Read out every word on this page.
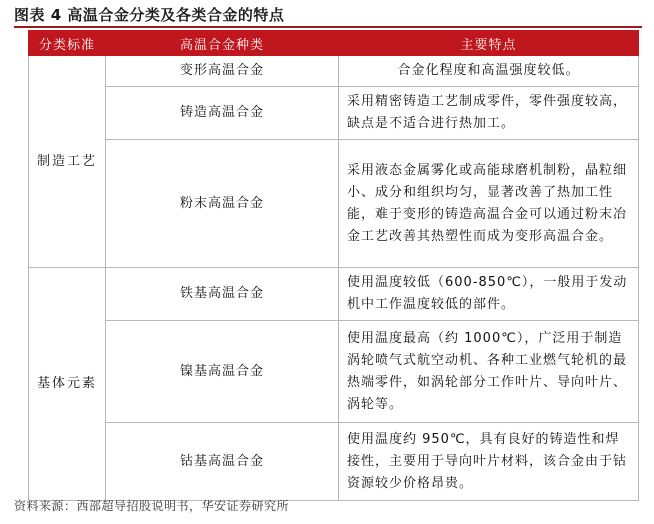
图表 4 高温合金分类及各类合金的特点
分类标准	高温合金种类	主要特点
制造工艺	变形高温合金	合金化程度和高温强度较低。
	铸造高温合金	采用精密铸造工艺制成零件，零件强度较高，缺点是不适合进行热加工。
	粉末高温合金	采用液态金属雾化或高能球磨机制粉，晶粒细小、成分和组织均匀，显著改善了热加工性能，难于变形的铸造高温合金可以通过粉末冶金工艺改善其热塑性而成为变形高温合金。
基体元素	铁基高温合金	使用温度较低（600-850℃），一般用于发动机中工作温度较低的部件。
	镍基高温合金	使用温度最高（约 1000℃），广泛用于制造涡轮喷气式航空动机、各种工业燃气轮机的最热端零件，如涡轮部分工作叶片、导向叶片、涡轮等。
	钴基高温合金	使用温度约 950℃，具有良好的铸造性和焊接性，主要用于导向叶片材料，该合金由于钴资源较少价格昂贵。
资料来源：西部超导招股说明书，华安证券研究所
